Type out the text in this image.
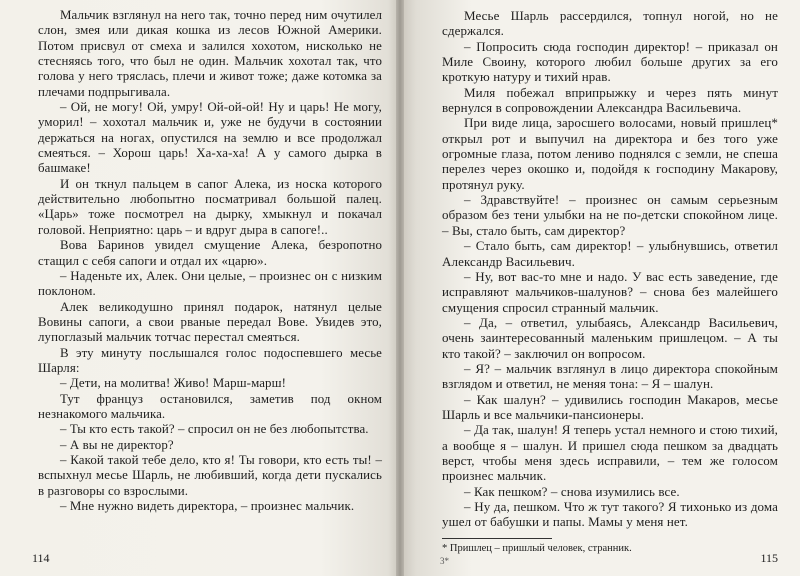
Мальчик взглянул на него так, точно перед ним очутилел слон, змея или дикая кошка из лесов Южной Америки. Потом присвул от смеха и залился хохотом, нисколько не стесняясь того, что был не один. Мальчик хохотал так, что голова у него тряслась, плечи и живот тоже; даже котомка за плечами подпрыгивала.

– Ой, не могу! Ой, умру! Ой-ой-ой! Ну и царь! Не могу, уморил! – хохотал мальчик и, уже не будучи в состоянии держаться на ногах, опустился на землю и все продолжал смеяться. – Хорош царь! Ха-ха-ха! А у самого дырка в башмаке!

И он ткнул пальцем в сапог Алека, из носка которого действительно любопытно посматривал большой палец. «Царь» тоже посмотрел на дырку, хмыкнул и покачал головой. Неприятно: царь – и вдруг дыра в сапоге!..

Вова Баринов увидел смущение Алека, безропотно стащил с себя сапоги и отдал их «царю».

– Наденьте их, Алек. Они целые, – произнес он с низким поклоном.

Алек великодушно принял подарок, натянул целые Вовины сапоги, а свои рваные передал Вове. Увидев это, лупоглазый мальчик тотчас перестал смеяться.

В эту минуту послышался голос подоспевшего месье Шарля:

– Дети, на молитва! Живо! Марш-марш!

Тут француз остановился, заметив под окном незнакомого мальчика.

– Ты кто есть такой? – спросил он не без любопытства.

– А вы не директор?

– Какой такой тебе дело, кто я! Ты говори, кто есть ты! – вспыхнул месье Шарль, не любивший, когда дети пускались в разговоры со взрослыми.

– Мне нужно видеть директора, – произнес мальчик.

114

Месье Шарль рассердился, топнул ногой, но не сдержался.

– Попросить сюда господин директор! – приказал он Миле Своину, которого любил больше других за его кроткую натуру и тихий нрав.

Миля побежал вприпрыжку и через пять минут вернулся в сопровождении Александра Васильевича.

При виде лица, заросшего волосами, новый пришлец* открыл рот и выпучил на директора и без того уже огромные глаза, потом лениво поднялся с земли, не спеша перелез через окошко и, подойдя к господину Макарову, протянул руку.

– Здравствуйте! – произнес он самым серьезным образом без тени улыбки на не по-детски спокойном лице. – Вы, стало быть, сам директор?

– Стало быть, сам директор! – улыбнувшись, ответил Александр Васильевич.

– Ну, вот вас-то мне и надо. У вас есть заведение, где исправляют мальчиков-шалунов? – снова без малейшего смущения спросил странный мальчик.

– Да, – ответил, улыбаясь, Александр Васильевич, очень заинтересованный маленьким пришлецом. – А ты кто такой? – заключил он вопросом.

– Я? – мальчик взглянул в лицо директора спокойным взглядом и ответил, не меняя тона: – Я – шалун.

– Как шалун? – удивились господин Макаров, месье Шарль и все мальчики-пансионеры.

– Да так, шалун! Я теперь устал немного и стою тихий, а вообще я – шалун. И пришел сюда пешком за двадцать верст, чтобы меня здесь исправили, – тем же голосом произнес мальчик.

– Как пешком? – снова изумились все.

– Ну да, пешком. Что ж тут такого? Я тихонько из дома ушел от бабушки и папы. Мамы у меня нет.

* Пришлец – пришлый человек, странник.

3*	115
